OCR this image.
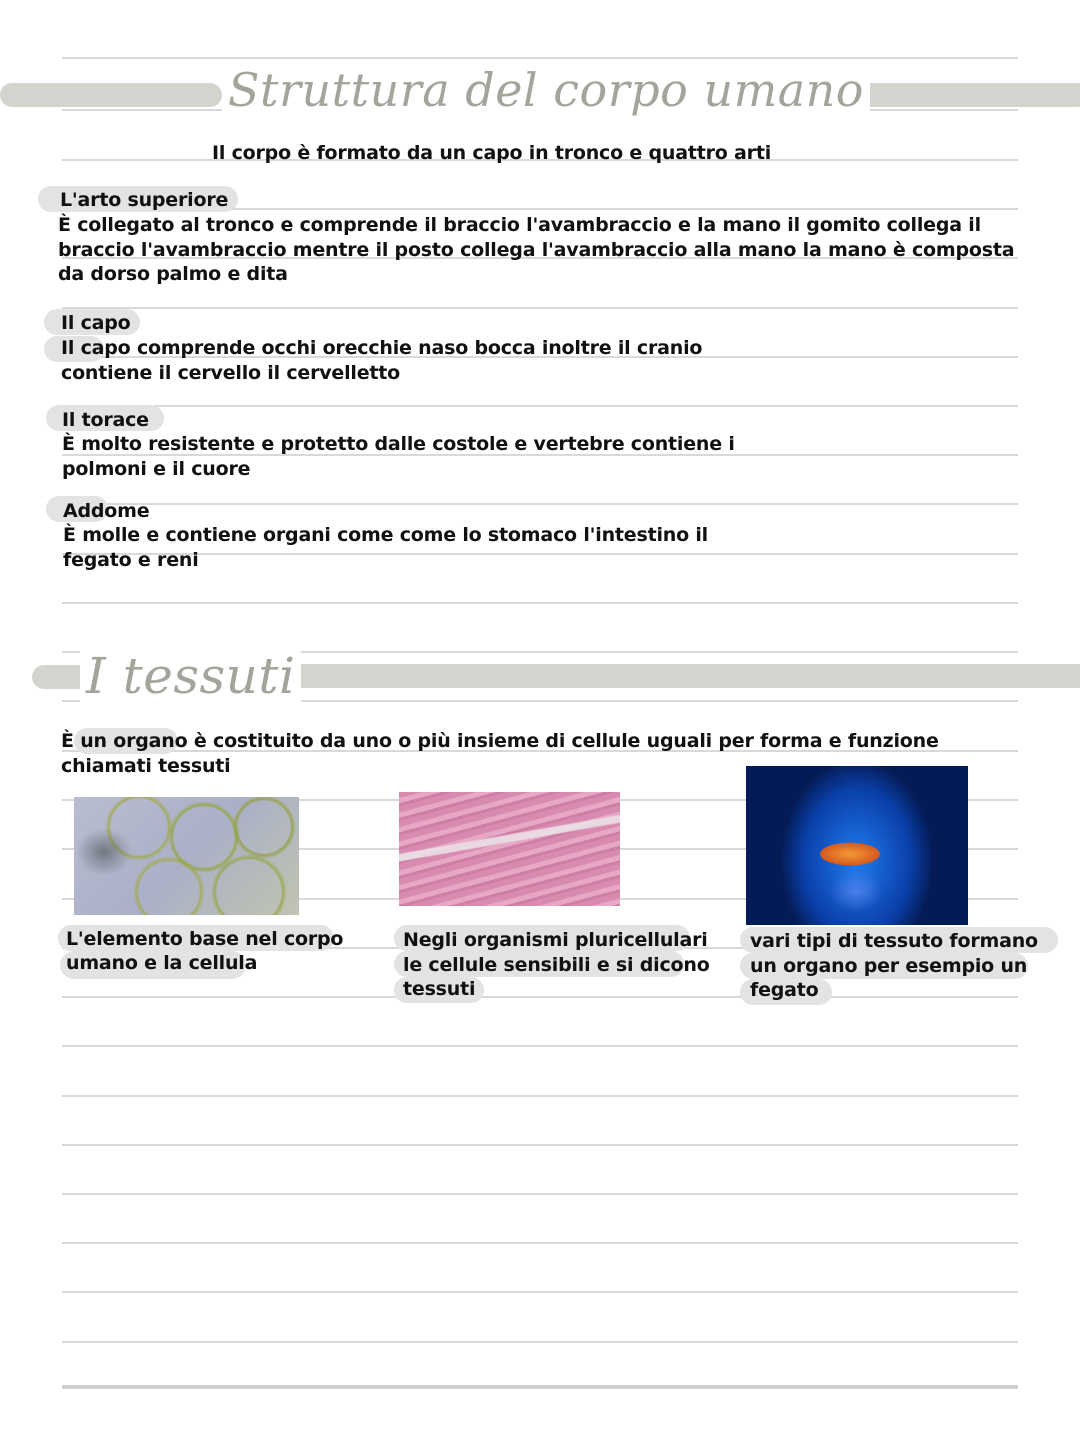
Struttura del corpo umano
Il corpo è formato da un capo in tronco e quattro arti
L'arto superiore
È collegato al tronco e comprende il braccio l'avambraccio e la mano il gomito collega il
braccio l'avambraccio mentre il posto collega l'avambraccio alla mano la mano è composta
da dorso palmo e dita
Il capo
Il capo comprende occhi orecchie naso bocca inoltre il cranio
contiene il cervello il cervelletto
Il torace
È molto resistente e protetto dalle costole e vertebre contiene i
polmoni e il cuore
Addome
È molle e contiene organi come come lo stomaco l'intestino il
fegato e reni
I tessuti
È un organo è costituito da uno o più insieme di cellule uguali per forma e funzione
chiamati tessuti
L'elemento base nel corpo
umano e la cellula
Negli organismi pluricellulari
le cellule sensibili e si dicono
tessuti
vari tipi di tessuto formano
un organo per esempio un
fegato
